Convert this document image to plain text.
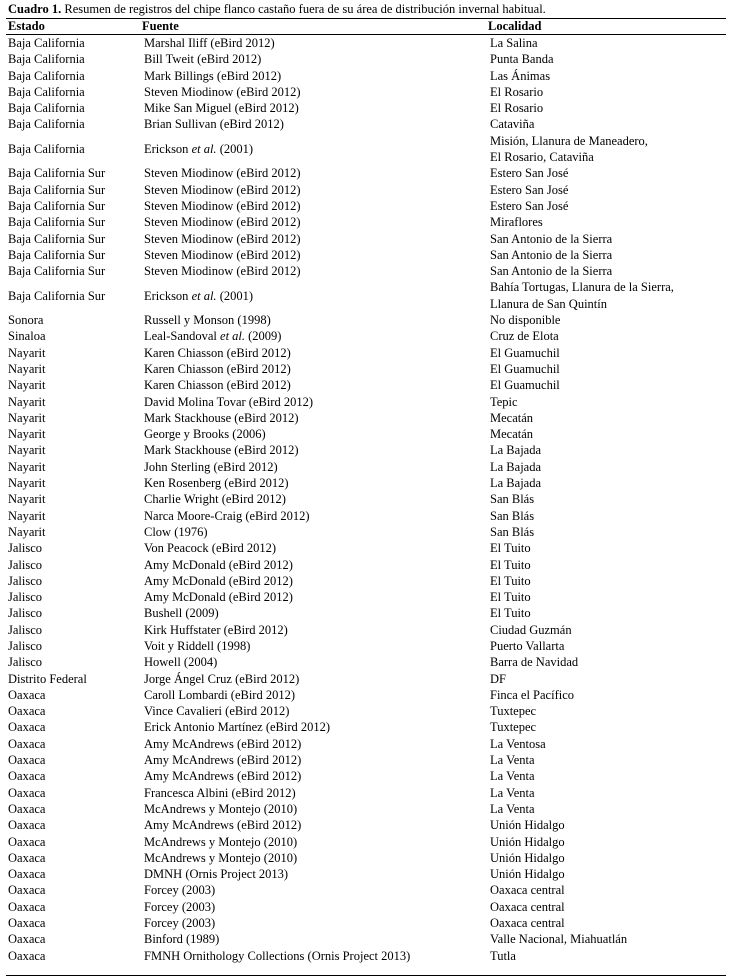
Cuadro 1. Resumen de registros del chipe flanco castaño fuera de su área de distribución invernal habitual.
Estado	Fuente	Localidad
Baja California	Marshal Iliff (eBird 2012)	La Salina
Baja California	Bill Tweit (eBird 2012)	Punta Banda
Baja California	Mark Billings (eBird 2012)	Las Ánimas
Baja California	Steven Miodinow (eBird 2012)	El Rosario
Baja California	Mike San Miguel (eBird 2012)	El Rosario
Baja California	Brian Sullivan (eBird 2012)	Cataviña
Baja California	Erickson et al. (2001)	Misión, Llanura de Maneadero,
El Rosario, Cataviña

Baja California Sur	Steven Miodinow (eBird 2012)	Estero San José
Baja California Sur	Steven Miodinow (eBird 2012)	Estero San José
Baja California Sur	Steven Miodinow (eBird 2012)	Estero San José
Baja California Sur	Steven Miodinow (eBird 2012)	Miraflores
Baja California Sur	Steven Miodinow (eBird 2012)	San Antonio de la Sierra
Baja California Sur	Steven Miodinow (eBird 2012)	San Antonio de la Sierra
Baja California Sur	Steven Miodinow (eBird 2012)	San Antonio de la Sierra
Baja California Sur	Erickson et al. (2001)	Bahía Tortugas, Llanura de la Sierra,
Llanura de San Quintín

Sonora	Russell y Monson (1998)	No disponible
Sinaloa	Leal-Sandoval et al. (2009)	Cruz de Elota
Nayarit	Karen Chiasson (eBird 2012)	El Guamuchil
Nayarit	Karen Chiasson (eBird 2012)	El Guamuchil
Nayarit	Karen Chiasson (eBird 2012)	El Guamuchil
Nayarit	David Molina Tovar (eBird 2012)	Tepic
Nayarit	Mark Stackhouse (eBird 2012)	Mecatán
Nayarit	George y Brooks (2006)	Mecatán
Nayarit	Mark Stackhouse (eBird 2012)	La Bajada
Nayarit	John Sterling (eBird 2012)	La Bajada
Nayarit	Ken Rosenberg (eBird 2012)	La Bajada
Nayarit	Charlie Wright (eBird 2012)	San Blás
Nayarit	Narca Moore-Craig (eBird 2012)	San Blás
Nayarit	Clow (1976)	San Blás
Jalisco	Von Peacock (eBird 2012)	El Tuito
Jalisco	Amy McDonald (eBird 2012)	El Tuito
Jalisco	Amy McDonald (eBird 2012)	El Tuito
Jalisco	Amy McDonald (eBird 2012)	El Tuito
Jalisco	Bushell (2009)	El Tuito
Jalisco	Kirk Huffstater (eBird 2012)	Ciudad Guzmán
Jalisco	Voit y Riddell (1998)	Puerto Vallarta
Jalisco	Howell (2004)	Barra de Navidad
Distrito Federal	Jorge Ángel Cruz (eBird 2012)	DF
Oaxaca	Caroll Lombardi (eBird 2012)	Finca el Pacífico
Oaxaca	Vince Cavalieri (eBird 2012)	Tuxtepec
Oaxaca	Erick Antonio Martínez (eBird 2012)	Tuxtepec
Oaxaca	Amy McAndrews (eBird 2012)	La Ventosa
Oaxaca	Amy McAndrews (eBird 2012)	La Venta
Oaxaca	Amy McAndrews (eBird 2012)	La Venta
Oaxaca	Francesca Albini (eBird 2012)	La Venta
Oaxaca	McAndrews y Montejo (2010)	La Venta
Oaxaca	Amy McAndrews (eBird 2012)	Unión Hidalgo
Oaxaca	McAndrews y Montejo (2010)	Unión Hidalgo
Oaxaca	McAndrews y Montejo (2010)	Unión Hidalgo
Oaxaca	DMNH (Ornis Project 2013)	Unión Hidalgo
Oaxaca	Forcey (2003)	Oaxaca central
Oaxaca	Forcey (2003)	Oaxaca central
Oaxaca	Forcey (2003)	Oaxaca central
Oaxaca	Binford (1989)	Valle Nacional, Miahuatlán
Oaxaca	FMNH Ornithology Collections (Ornis Project 2013)	Tutla
